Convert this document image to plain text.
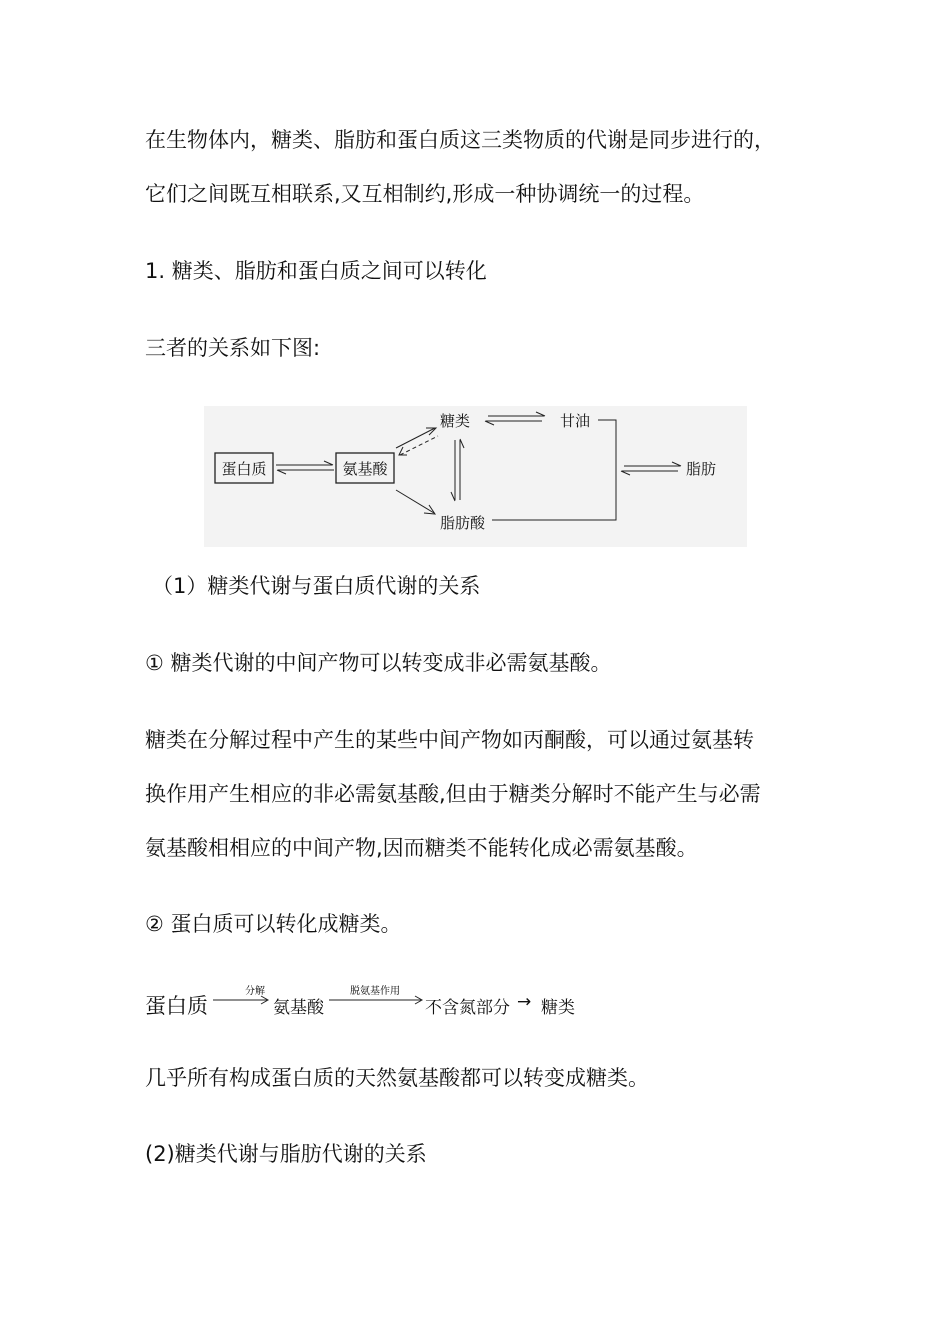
在生物体内，糖类、脂肪和蛋白质这三类物质的代谢是同步进行的，
它们之间既互相联系,又互相制约,形成一种协调统一的过程。
1. 糖类、脂肪和蛋白质之间可以转化
三者的关系如下图:
蛋白质	氨基酸
糖类	甘油
脂肪酸
脂肪
（1）糖类代谢与蛋白质代谢的关系
① 糖类代谢的中间产物可以转变成非必需氨基酸。
糖类在分解过程中产生的某些中间产物如丙酮酸，可以通过氨基转
换作用产生相应的非必需氨基酸,但由于糖类分解时不能产生与必需
氨基酸相相应的中间产物,因而糖类不能转化成必需氨基酸。
② 蛋白质可以转化成糖类。
蛋白质
分解
氨基酸
脱氨基作用
不含氮部分 → 糖类
几乎所有构成蛋白质的天然氨基酸都可以转变成糖类。
(2)糖类代谢与脂肪代谢的关系
